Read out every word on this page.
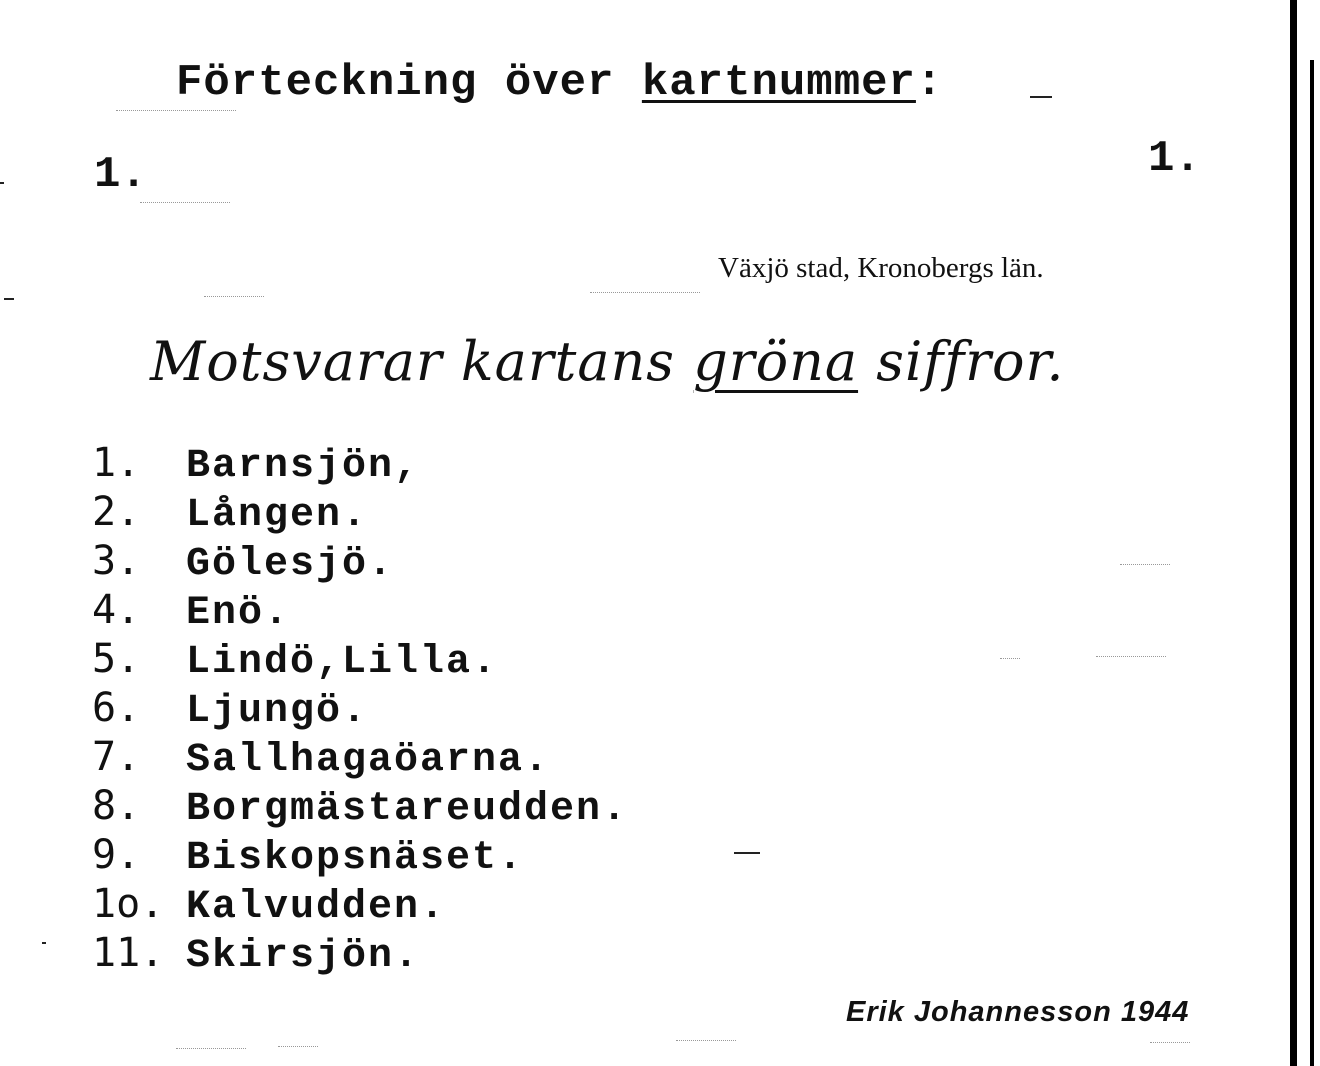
Förteckning över kartnummer:
1.	1.
Växjö stad, Kronobergs län.
Motsvarar kartans gröna siffror.
1. Barnsjön,
2. Lången.
3. Gölesjö.
4. Enö.
5. Lindö,Lilla.
6. Ljungö.
7. Sallhagaöarna.
8. Borgmästareudden.
9. Biskopsnäset.
1o. Kalvudden.
11. Skirsjön.
Erik Johannesson 1944
